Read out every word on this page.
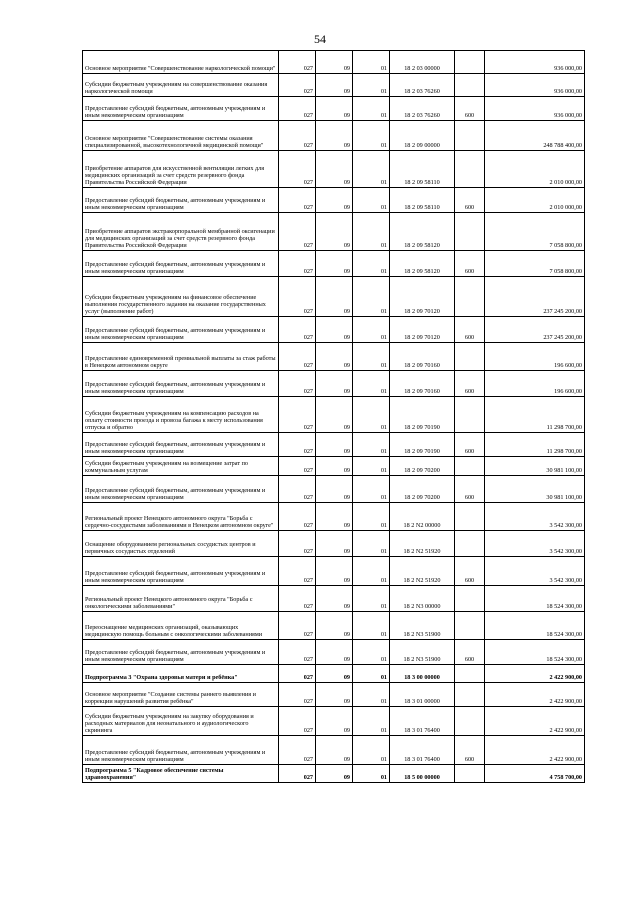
54
Основное мероприятие "Совершенствование наркологической помощи"	027	09	01	18 2 03 00000		936 000,00
Субсидии бюджетным учреждениям на совершенствование оказания наркологической помощи	027	09	01	18 2 03 76260		936 000,00
Предоставление субсидий бюджетным, автономным учреждениям и иным некоммерческим организациям	027	09	01	18 2 03 76260	600	936 000,00
Основное мероприятие "Совершенствование системы оказания специализированной, высокотехнологичной медицинской помощи"	027	09	01	18 2 09 00000		248 788 400,00
Приобретение аппаратов для искусственной вентиляции легких для медицинских организаций за счет средств резервного фонда Правительства Российской Федерации	027	09	01	18 2 09 58110		2 010 000,00
Предоставление субсидий бюджетным, автономным учреждениям и иным некоммерческим организациям	027	09	01	18 2 09 58110	600	2 010 000,00
Приобретение аппаратов экстракорпоральной мембранной оксигенации для медицинских организаций за счет средств резервного фонда Правительства Российской Федерации	027	09	01	18 2 09 58120		7 058 800,00
Предоставление субсидий бюджетным, автономным учреждениям и иным некоммерческим организациям	027	09	01	18 2 09 58120	600	7 058 800,00
Субсидии бюджетным учреждениям на финансовое обеспечение выполнения государственного задания на оказание государственных услуг (выполнение работ)	027	09	01	18 2 09 70120		237 245 200,00
Предоставление субсидий бюджетным, автономным учреждениям и иным некоммерческим организациям	027	09	01	18 2 09 70120	600	237 245 200,00
Предоставление единовременной премиальной выплаты за стаж работы в Ненецком автономном округе	027	09	01	18 2 09 70160		196 600,00
Предоставление субсидий бюджетным, автономным учреждениям и иным некоммерческим организациям	027	09	01	18 2 09 70160	600	196 600,00
Субсидии бюджетным учреждениям на компенсацию расходов на оплату стоимости проезда и провоза багажа к месту использования отпуска и обратно	027	09	01	18 2 09 70190		11 298 700,00
Предоставление субсидий бюджетным, автономным учреждениям и иным некоммерческим организациям	027	09	01	18 2 09 70190	600	11 298 700,00
Субсидии бюджетным учреждениям на возмещение затрат по коммунальным услугам	027	09	01	18 2 09 70200		30 981 100,00
Предоставление субсидий бюджетным, автономным учреждениям и иным некоммерческим организациям	027	09	01	18 2 09 70200	600	30 981 100,00
Региональный проект Ненецкого автономного округа "Борьба с сердечно-сосудистыми заболеваниями в Ненецком автономном округе"	027	09	01	18 2 N2 00000		3 542 300,00
Оснащение оборудованием региональных сосудистых центров и первичных сосудистых отделений	027	09	01	18 2 N2 51920		3 542 300,00
Предоставление субсидий бюджетным, автономным учреждениям и иным некоммерческим организациям	027	09	01	18 2 N2 51920	600	3 542 300,00
Региональный проект Ненецкого автономного округа "Борьба с онкологическими заболеваниями"	027	09	01	18 2 N3 00000		18 524 300,00
Переоснащение медицинских организаций, оказывающих медицинскую помощь больным с онкологическими заболеваниями	027	09	01	18 2 N3 51900		18 524 300,00
Предоставление субсидий бюджетным, автономным учреждениям и иным некоммерческим организациям	027	09	01	18 2 N3 51900	600	18 524 300,00
Подпрограмма 3 "Охрана здоровья матери и ребёнка"	027	09	01	18 3 00 00000		2 422 900,00
Основное мероприятие "Создание системы раннего выявления и коррекции нарушений развития ребёнка"	027	09	01	18 3 01 00000		2 422 900,00
Субсидии бюджетным учреждениям на закупку оборудования и расходных материалов для неонатального и аудиологического скрининга	027	09	01	18 3 01 76400		2 422 900,00
Предоставление субсидий бюджетным, автономным учреждениям и иным некоммерческим организациям	027	09	01	18 3 01 76400	600	2 422 900,00
Подпрограмма 5 "Кадровое обеспечение системы здравоохранения"	027	09	01	18 5 00 00000		4 758 700,00
